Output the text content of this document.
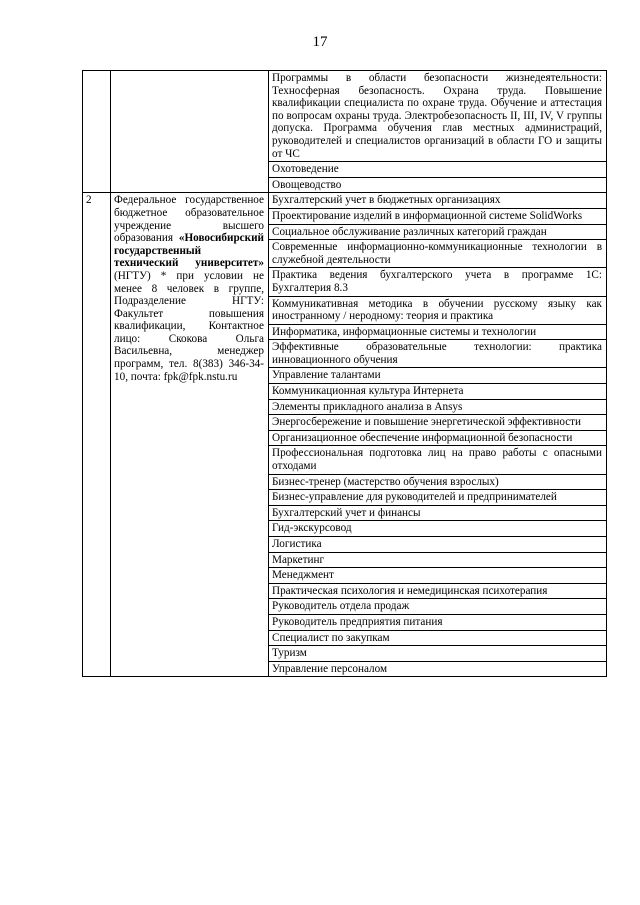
17
		Программы в области безопасности жизнедеятельности: Техносферная безопасность. Охрана труда. Повышение квалификации специалиста по охране труда. Обучение и аттестация по вопросам охраны труда. Электробезопасность II, III, IV, V группы допуска. Программа обучения глав местных администраций, руководителей и специалистов организаций в области ГО и защиты от ЧС
		Охотоведение
		Овощеводство
2	Федеральное государственное бюджетное образовательное учреждение высшего образования «Новосибирский государственный технический университет» (НГТУ) * при условии не менее 8 человек в группе, Подразделение НГТУ: Факультет повышения квалификации, Контактное лицо: Скокова Ольга Васильевна, менеджер программ, тел. 8(383) 346-34-10, почта: fpk@fpk.nstu.ru	Бухгалтерский учет в бюджетных организациях
		Проектирование изделий в информационной системе SolidWorks
		Социальное обслуживание различных категорий граждан
		Современные информационно-коммуникационные технологии в служебной деятельности
		Практика ведения бухгалтерского учета в программе 1С: Бухгалтерия 8.3
		Коммуникативная методика в обучении русскому языку как иностранному / неродному: теория и практика
		Информатика, информационные системы и технологии
		Эффективные образовательные технологии: практика инновационного обучения
		Управление талантами
		Коммуникационная культура Интернета
		Элементы прикладного анализа в Ansys
		Энергосбережение и повышение энергетической эффективности
		Организационное обеспечение информационной безопасности
		Профессиональная подготовка лиц на право работы с опасными отходами
		Бизнес-тренер (мастерство обучения взрослых)
		Бизнес-управление для руководителей и предпринимателей
		Бухгалтерский учет и финансы
		Гид-экскурсовод
		Логистика
		Маркетинг
		Менеджмент
		Практическая психология и немедицинская психотерапия
		Руководитель отдела продаж
		Руководитель предприятия питания
		Специалист по закупкам
		Туризм
		Управление персоналом
